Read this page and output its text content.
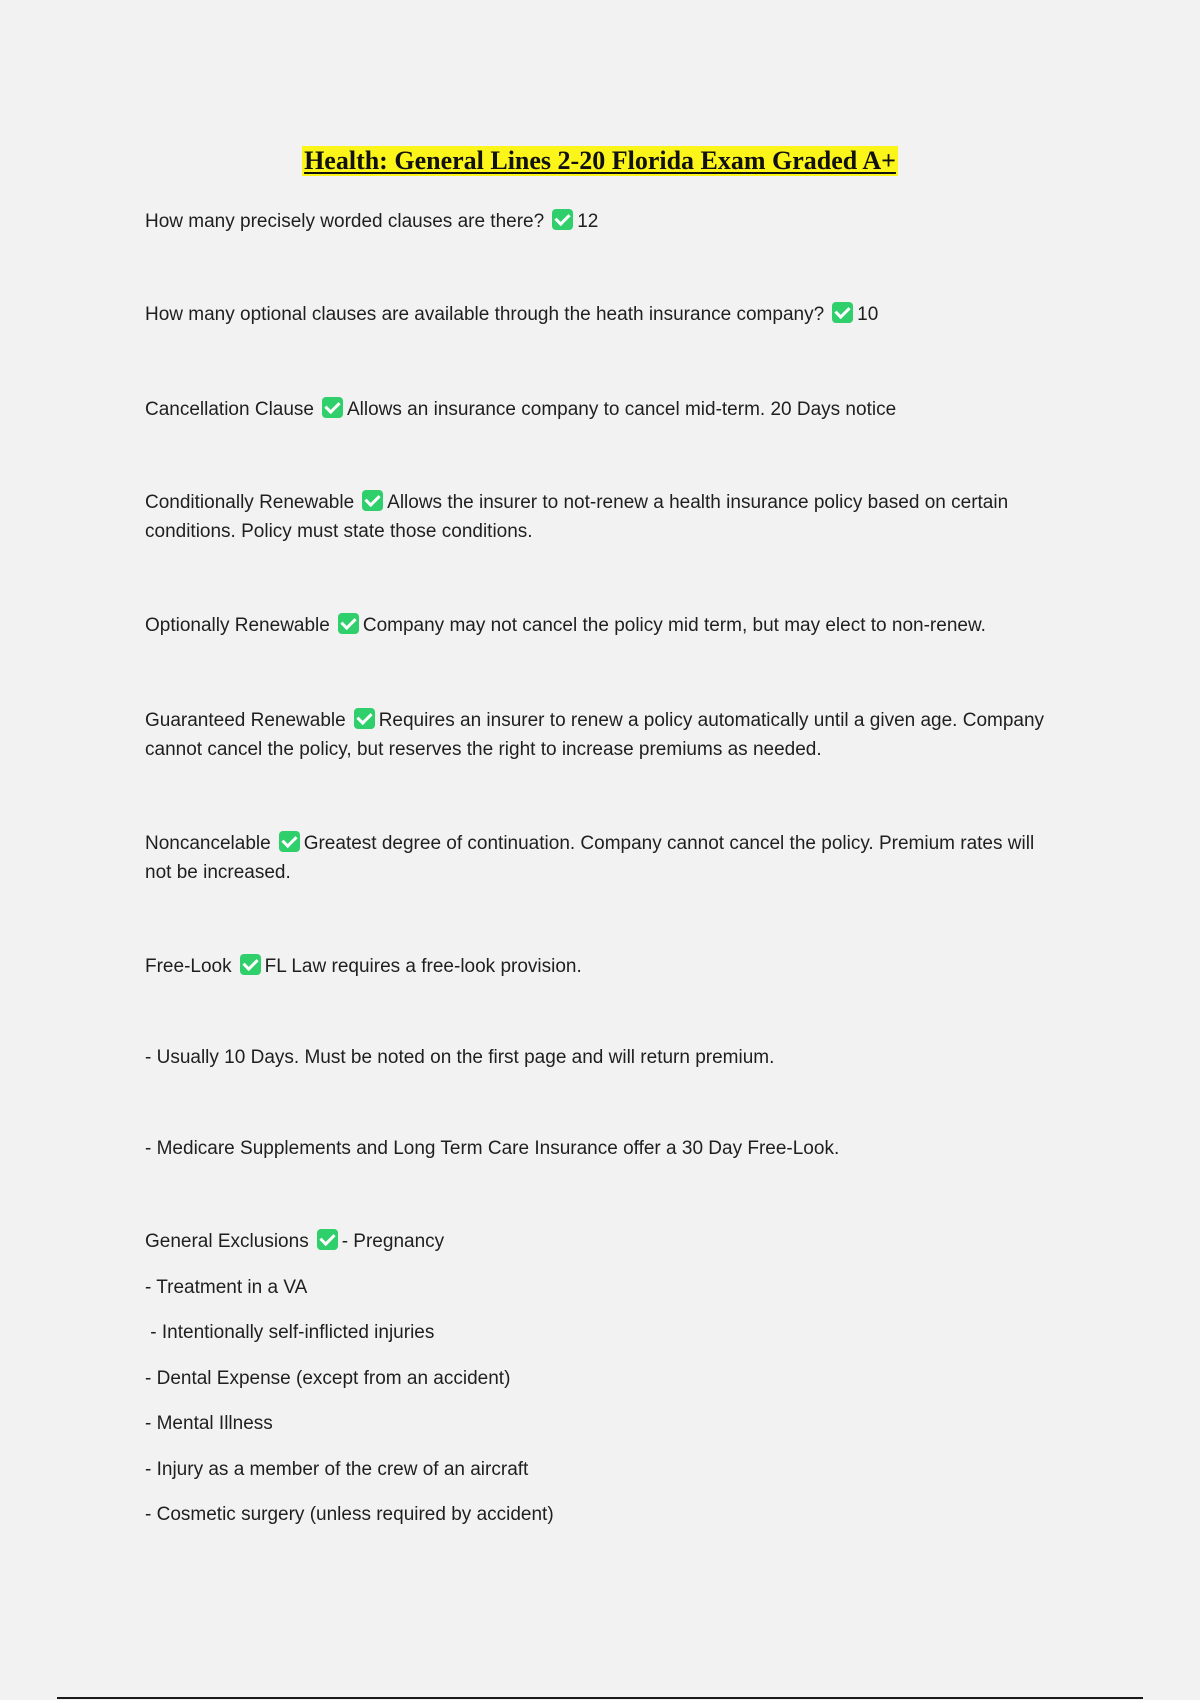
Health: General Lines 2-20 Florida Exam Graded A+
How many precisely worded clauses are there? 12
How many optional clauses are available through the heath insurance company? 10
Cancellation Clause Allows an insurance company to cancel mid-term. 20 Days notice
Conditionally Renewable Allows the insurer to not-renew a health insurance policy based on certain conditions. Policy must state those conditions.
Optionally Renewable Company may not cancel the policy mid term, but may elect to non-renew.
Guaranteed Renewable Requires an insurer to renew a policy automatically until a given age. Company cannot cancel the policy, but reserves the right to increase premiums as needed.
Noncancelable Greatest degree of continuation. Company cannot cancel the policy. Premium rates will not be increased.
Free-Look FL Law requires a free-look provision.
- Usually 10 Days. Must be noted on the first page and will return premium.
- Medicare Supplements and Long Term Care Insurance offer a 30 Day Free-Look.
General Exclusions - Pregnancy
- Treatment in a VA
- Intentionally self-inflicted injuries
- Dental Expense (except from an accident)
- Mental Illness
- Injury as a member of the crew of an aircraft
- Cosmetic surgery (unless required by accident)
